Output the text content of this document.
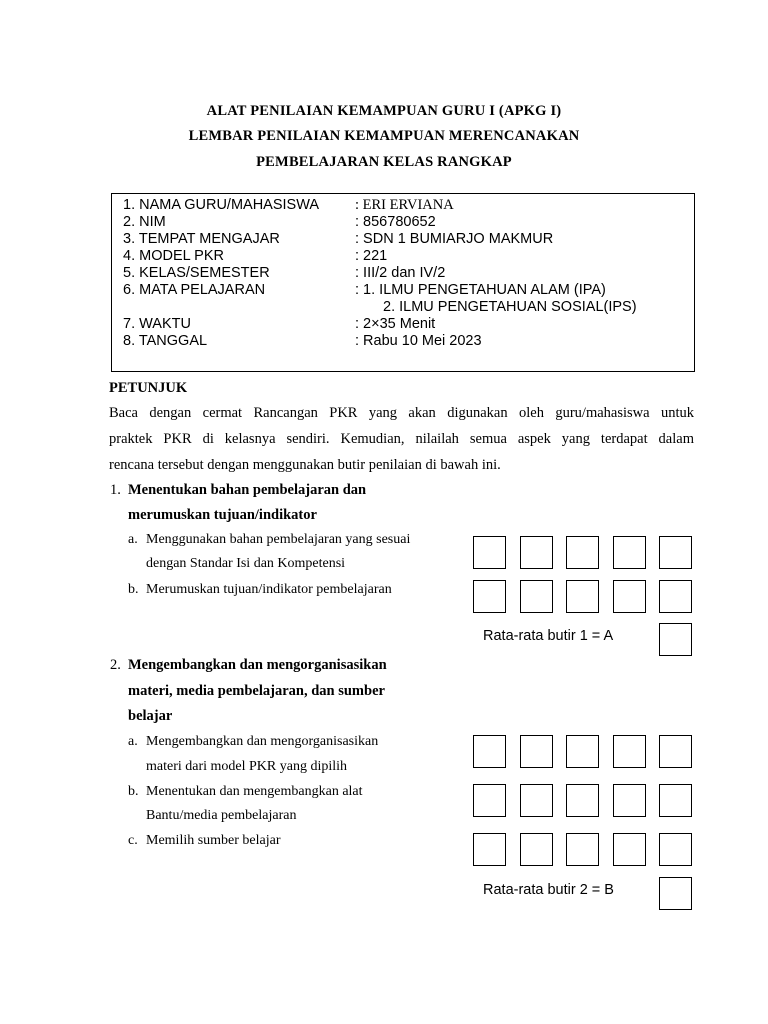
ALAT PENILAIAN KEMAMPUAN GURU I (APKG I)
LEMBAR PENILAIAN KEMAMPUAN MERENCANAKAN
PEMBELAJARAN KELAS RANGKAP
1. NAMA GURU/MAHASISWA : ERI ERVIANA
2. NIM	: 856780652
3. TEMPAT MENGAJAR	: SDN 1 BUMIARJO MAKMUR
4. MODEL PKR	: 221
5. KELAS/SEMESTER	: III/2 dan IV/2
6. MATA PELAJARAN	: 1. ILMU PENGETAHUAN ALAM (IPA)
2. ILMU PENGETAHUAN SOSIAL(IPS)
7. WAKTU	: 2×35 Menit
8. TANGGAL	: Rabu 10 Mei 2023
PETUNJUK
Baca dengan cermat Rancangan PKR yang akan digunakan oleh guru/mahasiswa untuk
praktek PKR di kelasnya sendiri. Kemudian, nilailah semua aspek yang terdapat dalam
rencana tersebut dengan menggunakan butir penilaian di bawah ini.
1. Menentukan bahan pembelajaran dan
merumuskan tujuan/indikator
a. Menggunakan bahan pembelajaran yang sesuai
dengan Standar Isi dan Kompetensi
b. Merumuskan tujuan/indikator pembelajaran
Rata-rata butir 1 = A
2. Mengembangkan dan mengorganisasikan
materi, media pembelajaran, dan sumber
belajar
a. Mengembangkan dan mengorganisasikan
materi dari model PKR yang dipilih
b. Menentukan dan mengembangkan alat
Bantu/media pembelajaran
c. Memilih sumber belajar
Rata-rata butir 2 = B
